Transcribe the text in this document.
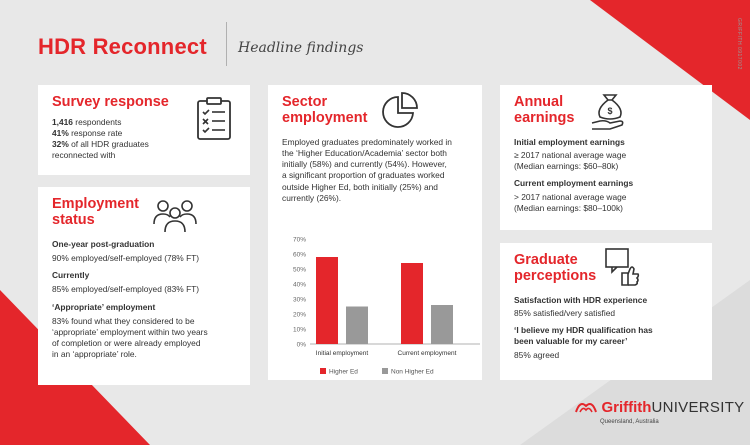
HDR Reconnect Headline findings	GRIFFITH 0917002
Survey response

1,416 respondents

41% response rate

32% of all HDR graduates

reconnected with

Employment
status

One-year post-graduation

90% employed/self-employed (78% FT)

Currently

85% employed/self-employed (83% FT)

‘Appropriate’ employment

83% found what they considered to be

‘appropriate’ employment within two years

of completion or were already employed

in an ‘appropriate’ role.

Sector
employment

Employed graduates predominately worked in

the ‘Higher Education/Academia’ sector both

initially (58%) and currently (54%). However,

a significant proportion of graduates worked

outside Higher Ed, both initially (25%) and

currently (26%).

0%
10%
20%
30%
40%
50%
60%
70%
Initial employment	Current employment
Higher Ed	Non Higher Ed
Annual
earnings

Initial employment earnings

≥ 2017 national average wage

(Median earnings: $60–80k)

Current employment earnings

> 2017 national average wage

(Median earnings: $80–100k)

$
Graduate
perceptions

Satisfaction with HDR experience

85% satisfied/very satisfied

‘I believe my HDR qualification has
been valuable for my career’

85% agreed

GriffithUNIVERSITY
Queensland, Australia
